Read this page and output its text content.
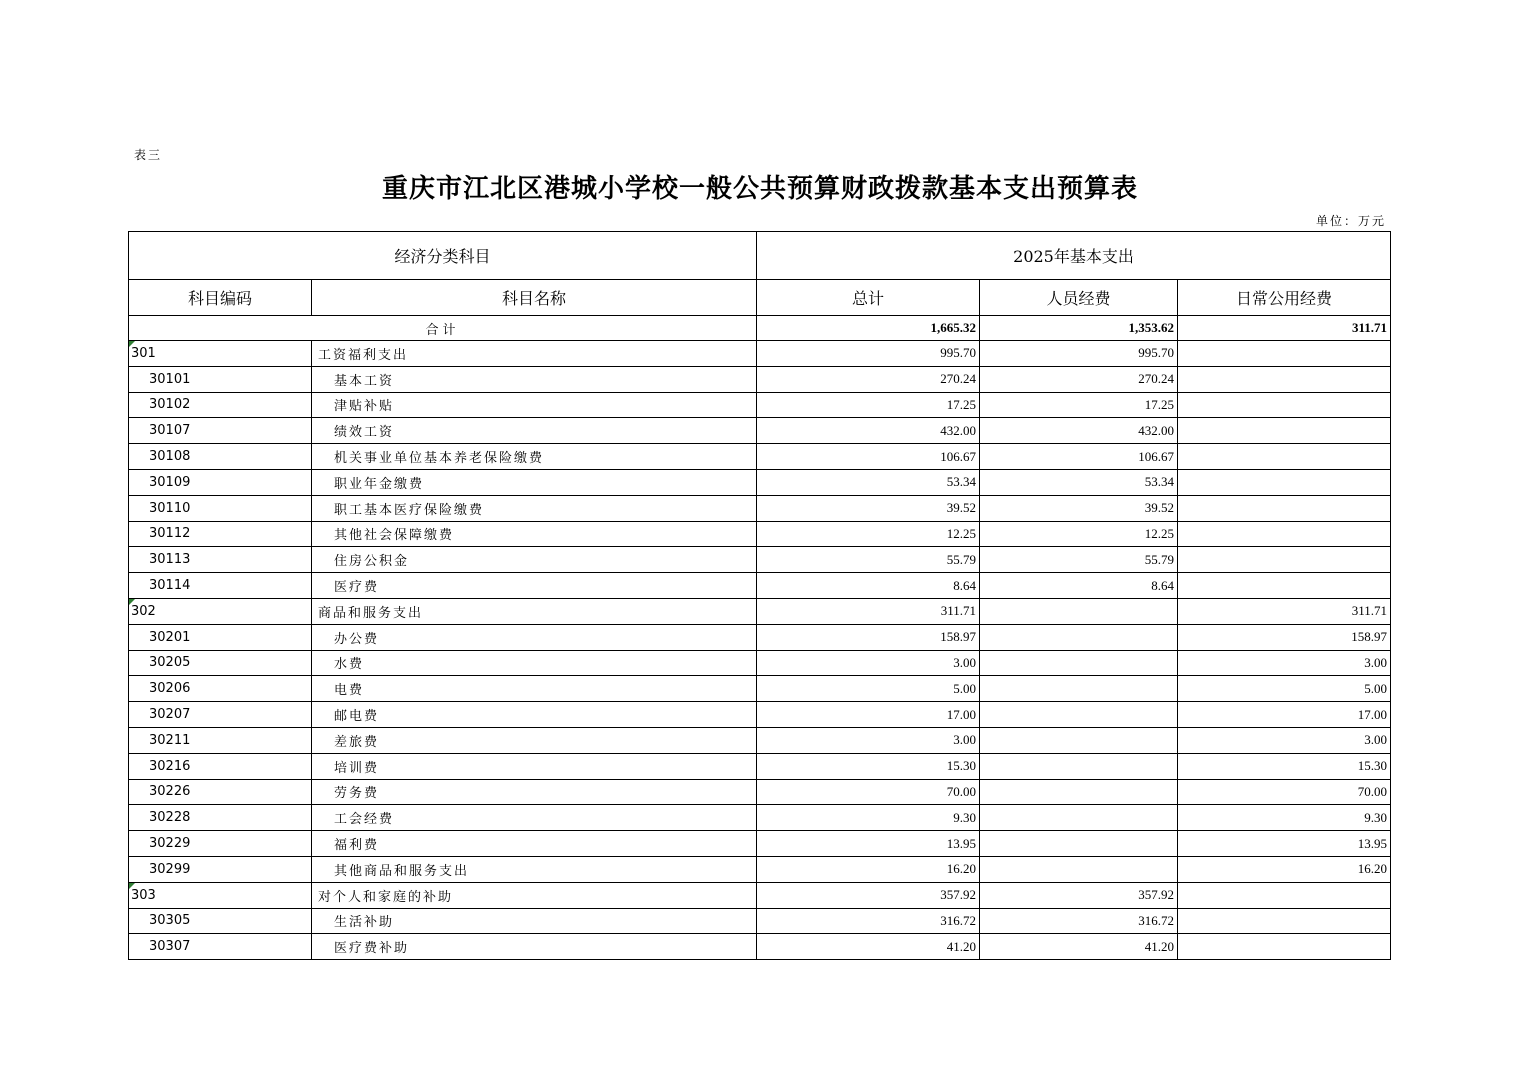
表三
重庆市江北区港城小学校一般公共预算财政拨款基本支出预算表
单位：万元
经济分类科目		2025年基本支出		
科目编码	科目名称	总计	人员经费	日常公用经费
合计		1,665.32	1,353.62	311.71

301	工资福利支出	995.70	995.70	
30101	基本工资	270.24	270.24	
30102	津贴补贴	17.25	17.25	
30107	绩效工资	432.00	432.00	
30108	机关事业单位基本养老保险缴费	106.67	106.67	
30109	职业年金缴费	53.34	53.34	
30110	职工基本医疗保险缴费	39.52	39.52	
30112	其他社会保障缴费	12.25	12.25	
30113	住房公积金	55.79	55.79	
30114	医疗费	8.64	8.64	

302	商品和服务支出	311.71		311.71
30201	办公费	158.97		158.97
30205	水费	3.00		3.00
30206	电费	5.00		5.00
30207	邮电费	17.00		17.00
30211	差旅费	3.00		3.00
30216	培训费	15.30		15.30
30226	劳务费	70.00		70.00
30228	工会经费	9.30		9.30
30229	福利费	13.95		13.95
30299	其他商品和服务支出	16.20		16.20

303	对个人和家庭的补助	357.92	357.92	
30305	生活补助	316.72	316.72	
30307	医疗费补助	41.20	41.20	
